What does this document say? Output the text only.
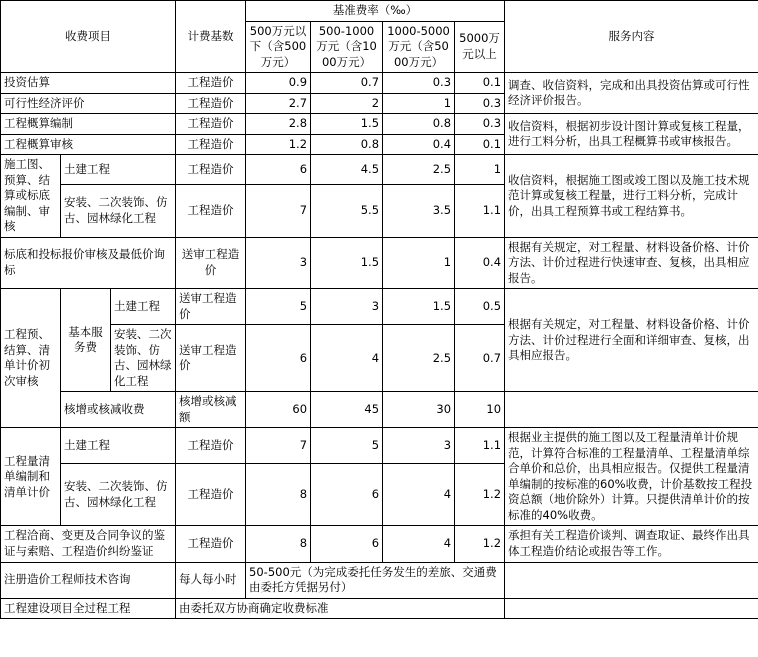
收费项目			计费基数	基准费率（‰）				服务内容
				500万元以下（含500万元）	500-1000万元（含1000万元）	1000-5000万元（含5000万元）	5000万元以上	
投资估算			工程造价	0.9	0.7	0.3	0.1	调查、收信资料，完成和出具投资估算或可行性经济评价报告。
可行性经济评价			工程造价	2.7	2	1	0.3	
工程概算编制			工程造价	2.8	1.5	0.8	0.3	收信资料，根据初步设计图计算或复核工程量，进行工料分析，出具工程概算书或审核报告。
工程概算审核			工程造价	1.2	0.8	0.4	0.1	
施工图、预算、结算或标底编制、审核	土建工程		工程造价	6	4.5	2.5	1	收信资料，根据施工图或竣工图以及施工技术规范计算或复核工程量，进行工料分析，完成计价，出具工程预算书或工程结算书。
	安装、二次装饰、仿古、园林绿化工程		工程造价	7	5.5	3.5	1.1	
标底和投标报价审核及最低价询标			送审工程造价	3	1.5	1	0.4	根据有关规定，对工程量、材料设备价格、计价方法、计价过程进行快速审查、复核，出具相应报告。
工程预、结算、清单计价初次审核	基本服务费	土建工程	送审工程造价	5	3	1.5	0.5	根据有关规定，对工程量、材料设备价格、计价方法、计价过程进行全面和详细审查、复核，出具相应报告。
		安装、二次装饰、仿古、园林绿化工程	送审工程造价	6	4	2.5	0.7	
	核增或核减收费		核增或核减额	60	45	30	10	
工程量清单编制和清单计价	土建工程		工程造价	7	5	3	1.1	根据业主提供的施工图以及工程量清单计价规范，计算符合标准的工程量清单、工程量清单综合单价和总价，出具相应报告。仅提供工程量清单编制的按标准的60%收费，计价基数按工程投资总额（地价除外）计算。只提供清单计价的按标准的40%收费。
	安装、二次装饰、仿古、园林绿化工程		工程造价	8	6	4	1.2	
工程洽商、变更及合同争议的鉴证与索赔、工程造价纠纷鉴证			工程造价	8	6	4	1.2	承担有关工程造价谈判、调查取证、最终作出具体工程造价结论或报告等工作。
注册造价工程师技术咨询			每人每小时	50-500元（为完成委托任务发生的差旅、交通费由委托方凭据另付）				
工程建设项目全过程工程			由委托双方协商确定收费标准					
